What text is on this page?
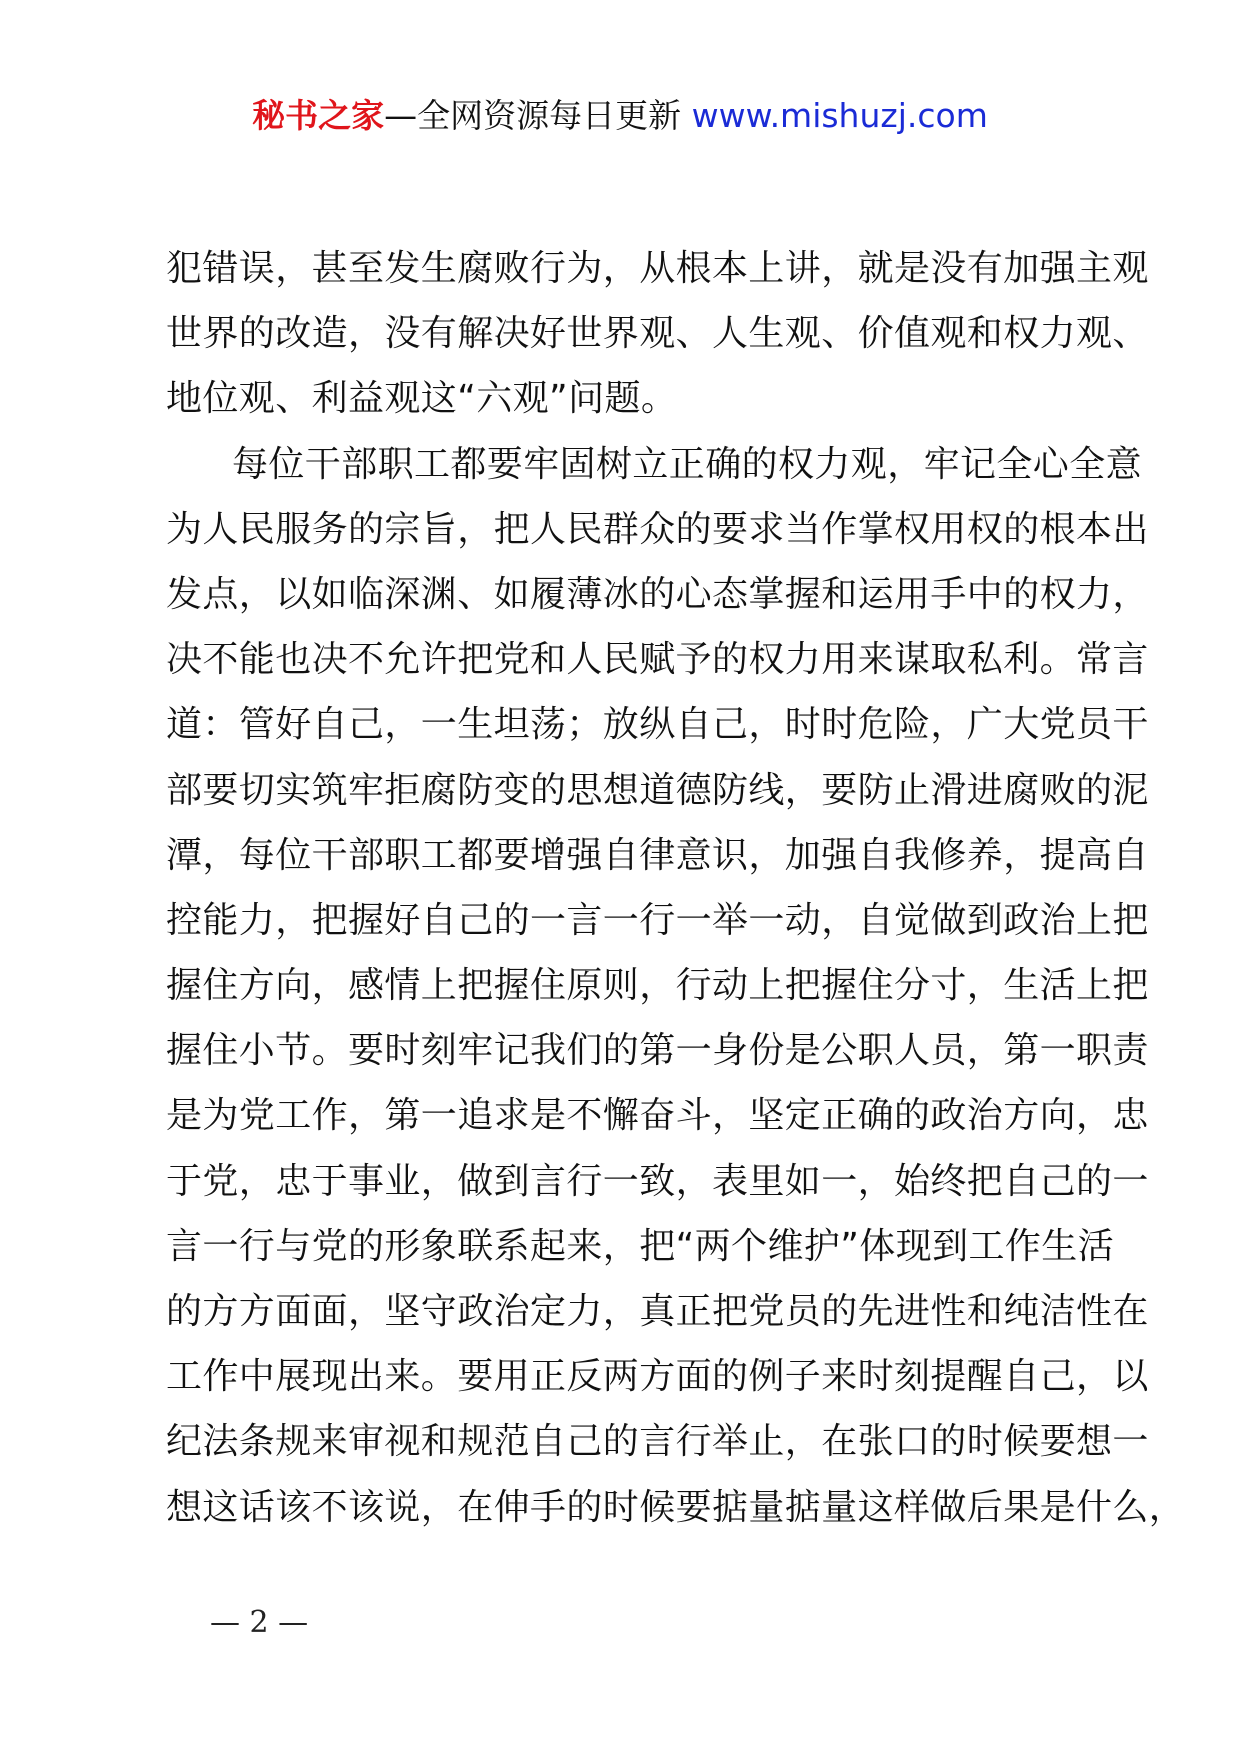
秘书之家—全网资源每日更新 www.mishuzj.com
犯错误，甚至发生腐败行为，从根本上讲，就是没有加强主观
世界的改造，没有解决好世界观、人生观、价值观和权力观、
地位观、利益观这“六观”问题。
每位干部职工都要牢固树立正确的权力观，牢记全心全意
为人民服务的宗旨，把人民群众的要求当作掌权用权的根本出
发点，以如临深渊、如履薄冰的心态掌握和运用手中的权力，
决不能也决不允许把党和人民赋予的权力用来谋取私利。常言
道：管好自己，一生坦荡；放纵自己，时时危险，广大党员干
部要切实筑牢拒腐防变的思想道德防线，要防止滑进腐败的泥
潭，每位干部职工都要增强自律意识，加强自我修养，提高自
控能力，把握好自己的一言一行一举一动，自觉做到政治上把
握住方向，感情上把握住原则，行动上把握住分寸，生活上把
握住小节。要时刻牢记我们的第一身份是公职人员，第一职责
是为党工作，第一追求是不懈奋斗，坚定正确的政治方向，忠
于党，忠于事业，做到言行一致，表里如一，始终把自己的一
言一行与党的形象联系起来，把“两个维护”体现到工作生活
的方方面面，坚守政治定力，真正把党员的先进性和纯洁性在
工作中展现出来。要用正反两方面的例子来时刻提醒自己，以
纪法条规来审视和规范自己的言行举止，在张口的时候要想一
想这话该不该说，在伸手的时候要掂量掂量这样做后果是什么，
— 2 —
